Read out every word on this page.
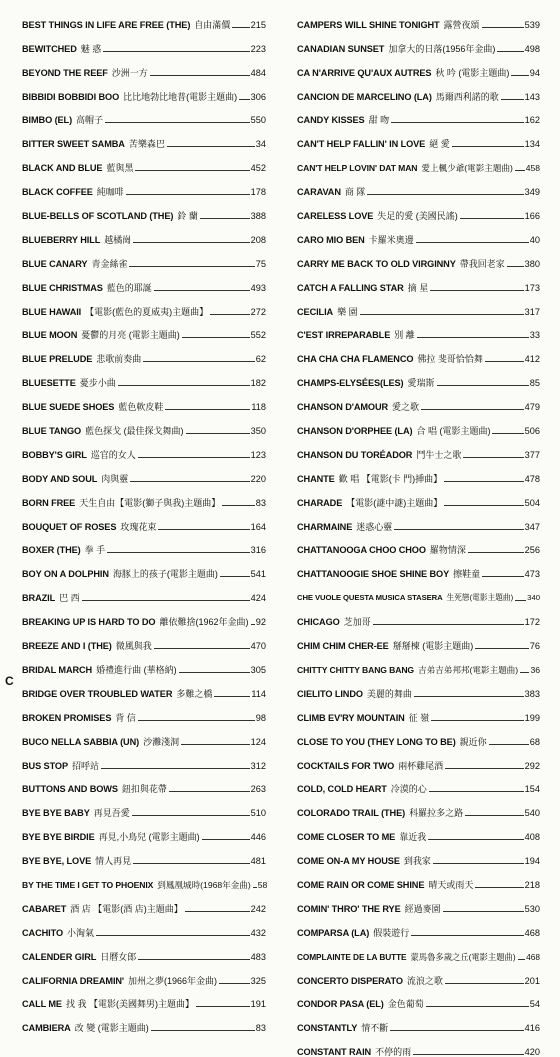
C
BEST THINGS IN LIFE ARE FREE (THE) 自由滿價 215
BEWITCHED 魅 惑	223
BEYOND THE REEF 沙洲一方	484
BIBBIDI BOBBIDI BOO 比比地勃比地普(電影主題曲) 306
BIMBO (EL) 高帽子	550
BITTER SWEET SAMBA 苦樂森巴	34
BLACK AND BLUE 藍與黑	452
BLACK COFFEE 純咖啡	178
BLUE-BELLS OF SCOTLAND (THE) 鈴 蘭	388
BLUEBERRY HILL 越橘崗	208
BLUE CANARY 青金絲雀	75
BLUE CHRISTMAS 藍色的耶誕	493
BLUE HAWAII 【電影(藍色的夏威夷)主題曲】	272
BLUE MOON 憂鬱的月亮 (電影主題曲)	552
BLUE PRELUDE 悲歌前奏曲	62
BLUESETTE 憂步小曲	182
BLUE SUEDE SHOES 藍色軟皮鞋	118
BLUE TANGO 藍色探戈 (最佳探戈舞曲)	350
BOBBY'S GIRL 巡官的女人	123
BODY AND SOUL 肉與靈	220
BORN FREE 天生自由【電影(獅子與我)主題曲】	83
BOUQUET OF ROSES 玫瑰花束	164
BOXER (THE) 拳 手	316
BOY ON A DOLPHIN 海豚上的孩子(電影主題曲)	541
BRAZIL 巴 西	424
BREAKING UP IS HARD TO DO 離依難捨(1962年金曲) 92
BREEZE AND I (THE) 微風與我	470
BRIDAL MARCH 婚禮進行曲 (華格納)	305
BRIDGE OVER TROUBLED WATER 多難之橋	114
BROKEN PROMISES 背 信	98
BUCO NELLA SABBIA (UN) 沙灘淺洞	124
BUS STOP 招呼站	312
BUTTONS AND BOWS 鈕扣與花帶	263
BYE BYE BABY 再見吾愛	510
BYE BYE BIRDIE 再見,小鳥兒 (電影主題曲)	446
BYE BYE, LOVE 情人再見	481
BY THE TIME I GET TO PHOENIX 到鳳凰城時(1968年金曲) 58
CABARET 酒 店 【電影(酒 店)主題曲】	242
CACHITO 小淘氣	432
CALENDER GIRL 日曆女郎	483
CALIFORNIA DREAMIN' 加州之夢(1966年金曲)	325
CALL ME 找 我 【電影(美國舞男)主題曲】	191
CAMBIERA 改 變 (電影主題曲)	83
CAMPERS WILL SHINE TONIGHT 露營夜頌	539
CANADIAN SUNSET 加拿大的日落(1956年金曲)	498
CA N'ARRIVE QU'AUX AUTRES 秋 吟 (電影主題曲) 94
CANCION DE MARCELINO (LA) 馬爾西利諾的歌	143
CANDY KISSES 甜 吻	162
CAN'T HELP FALLIN' IN LOVE 絕 愛	134
CAN'T HELP LOVIN' DAT MAN 愛上楓少爺(電影主題曲) 458
CARAVAN 商 隊	349
CARELESS LOVE 失足的愛 (美國民謠)	166
CARO MIO BEN 卡羅米奧邊	40
CARRY ME BACK TO OLD VIRGINNY 帶我回老家 380
CATCH A FALLING STAR 摘 星	173
CECILIA 樂 園	317
C'EST IRREPARABLE 別 離	33
CHA CHA CHA FLAMENCO 佛拉 斐哥恰恰舞	412
CHAMPS-ELYSÉES(LES) 愛瑞斯	85
CHANSON D'AMOUR 愛之歌	479
CHANSON D'ORPHEE (LA) 合 唱 (電影主題曲)	506
CHANSON DU TORÉADOR 鬥牛士之歌	377
CHANTE 歡 唱 【電影(卡 門)挿曲】	478
CHARADE 【電影(謎中謎)主題曲】	504
CHARMAINE 迷惑心靈	347
CHATTANOOGA CHOO CHOO 羅物情深	256
CHATTANOOGIE SHOE SHINE BOY 擦鞋童	473
CHE VUOLE QUESTA MUSICA STASERA 生死戀(電影主題曲) 340
CHICAGO 芝加哥	172
CHIM CHIM CHER-EE 掰掰楝 (電影主題曲)	76
CHITTY CHITTY BANG BANG 吉弟吉弟邦邦(電影主題曲) 36
CIELITO LINDO 美麗的舞曲	383
CLIMB EV'RY MOUNTAIN 征 嶺	199
CLOSE TO YOU (THEY LONG TO BE) 親近你	68
COCKTAILS FOR TWO 兩杯雞尾酒	292
COLD, COLD HEART 冷漠的心	154
COLORADO TRAIL (THE) 科羅拉多之路	540
COME CLOSER TO ME 靠近我	408
COME ON-A MY HOUSE 到我家	194
COME RAIN OR COME SHINE 晴天或雨天	218
COMIN' THRO' THE RYE 經過麥園	530
COMPARSA (LA) 假裝遊行	468
COMPLAINTE DE LA BUTTE 蒙馬魯多歲之丘(電影主題曲) 468
CONCERTO DISPERATO 流浪之歌	201
CONDOR PASA (EL) 金色葡萄	54
CONSTANTLY 情不斷	416
CONSTANT RAIN 不停的雨	420
